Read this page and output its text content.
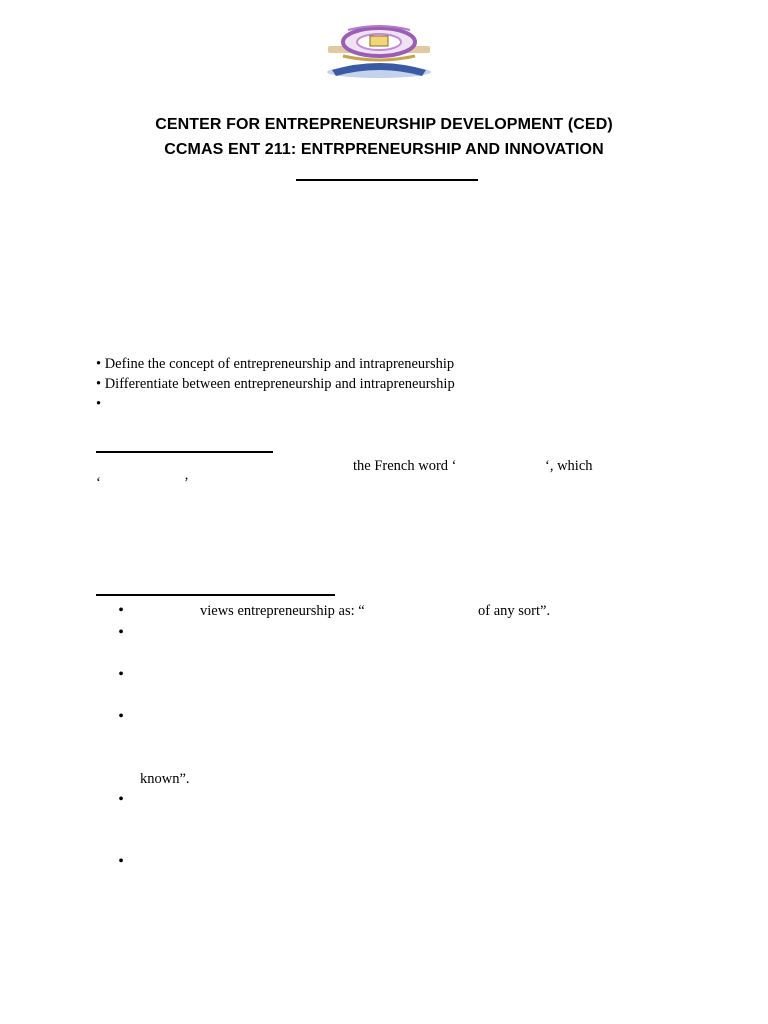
CENTER FOR ENTREPRENEURSHIP DEVELOPMENT (CED)
CCMAS ENT 211: ENTRPRENEURSHIP AND INNOVATION
• Define the concept of entrepreneurship and intrapreneurship
• Differentiate between entrepreneurship and intrapreneurship
•
the French word ‘	‘, which
‘	’
•	views entrepreneurship as: “	of any sort”.
•
•
•
known”.
•
•
